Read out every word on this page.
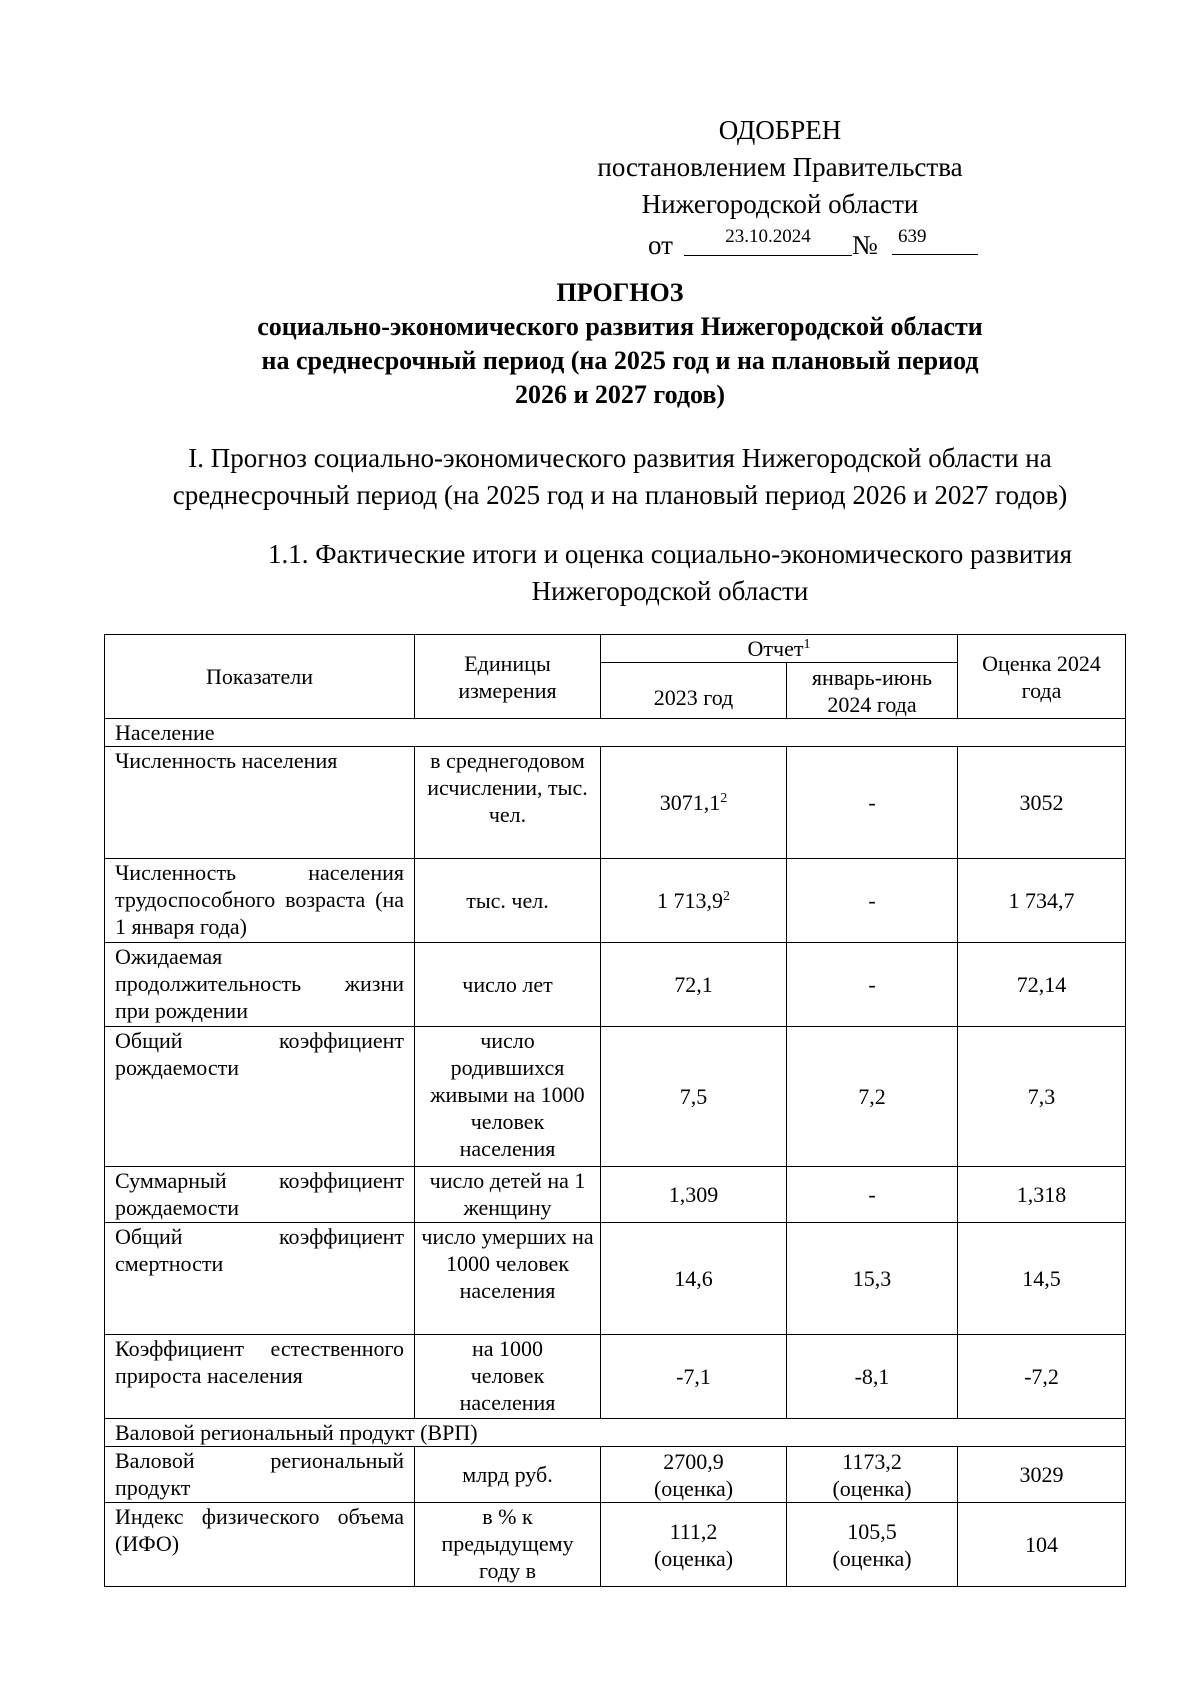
ОДОБРЕН
постановлением Правительства
Нижегородской области
от	23.10.2024	№	639
ПРОГНОЗ
социально-экономического развития Нижегородской области
на среднесрочный период (на 2025 год и на плановый период
2026 и 2027 годов)
I. Прогноз социально-экономического развития Нижегородской области на
среднесрочный период (на 2025 год и на плановый период 2026 и 2027 годов)
1.1. Фактические итоги и оценка социально-экономического развития
Нижегородской области
Показатели	Единицы измерения	Отчет$^1$		Оценка 2024 года
		2023 год	январь-июнь 2024 года	
Население				
Численность населения	в среднегодовом исчислении, тыс. чел.	3071,1$^2$	-	3052
Численность населения трудоспособного возраста (на 1 января года)	тыс. чел.	1 713,9$^2$	-	1 734,7
Ожидаемая продолжительность жизни при рождении	число лет	72,1	-	72,14
Общий коэффициент рождаемости	число родившихся живыми на 1000 человек населения	7,5	7,2	7,3
Суммарный коэффициент рождаемости	число детей на 1 женщину	1,309	-	1,318
Общий коэффициент смертности	число умерших на 1000 человек населения	14,6	15,3	14,5
Коэффициент естественного прироста населения	на 1000 человек населения	-7,1	-8,1	-7,2
Валовой региональный продукт (ВРП)				
Валовой региональный продукт	млрд руб.	2700,9 (оценка)	1173,2 (оценка)	3029
Индекс физического объема (ИФО)	в % к предыдущему году в	111,2 (оценка)	105,5 (оценка)	104
